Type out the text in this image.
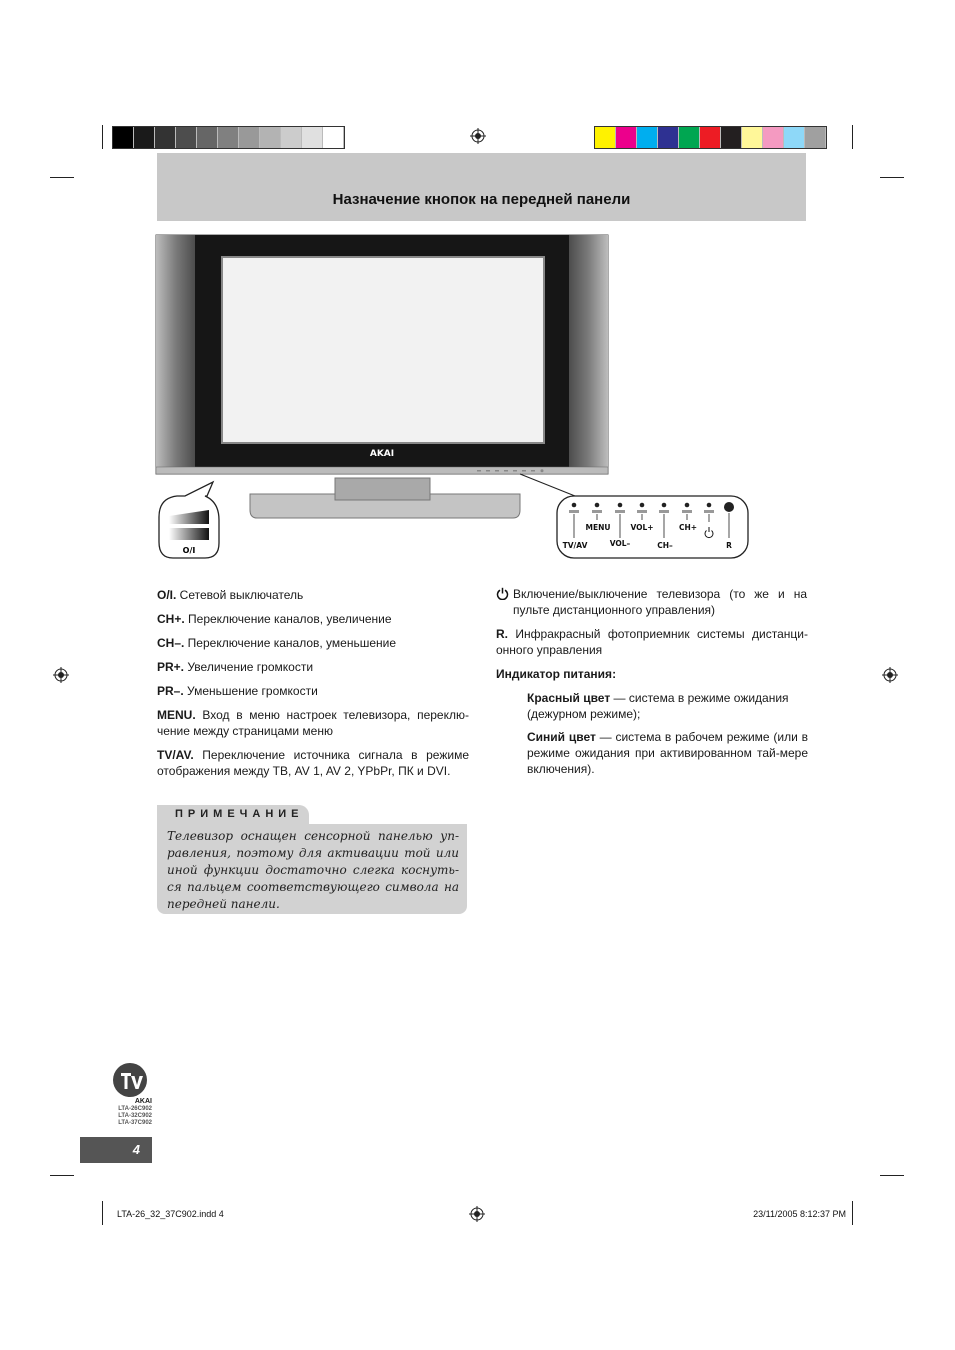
Назначение кнопок на передней панели
AKAI
O/I
MENU	VOL+	CH+
TV/AV	VOL–	CH–	R
O/I. Сетевой выключатель
CH+. Переключение каналов, увеличение
CH–. Переключение каналов, уменьшение
PR+. Увеличение громкости
PR–. Уменьшение громкости
MENU. Вход в меню настроек телевизора, переклю-чение между страницами меню
TV/AV. Переключение источника сигнала в режиме отображения между ТВ, AV 1, AV 2, YPbPr, ПК и DVI.
ПРИМЕЧАНИЕ
Телевизор оснащен сенсорной панелью уп-равления, поэтому для активации той или иной функции достаточно слегка коснуть-ся пальцем соответствующего символа на передней панели.
Включение/выключение телевизора (то же и на пульте дистанционного управления)
R. Инфракрасный фотоприемник системы дистанци-онного управления
Индикатор питания:
Красный цвет — система в режиме ожидания (дежурном режиме);
Синий цвет — система в рабочем режиме (или в режиме ожидания при активированном тай-мере включения).
AKAI
LTA-26C902
LTA-32C902
LTA-37C902
4
LTA-26_32_37C902.indd 4	23/11/2005 8:12:37 PM
